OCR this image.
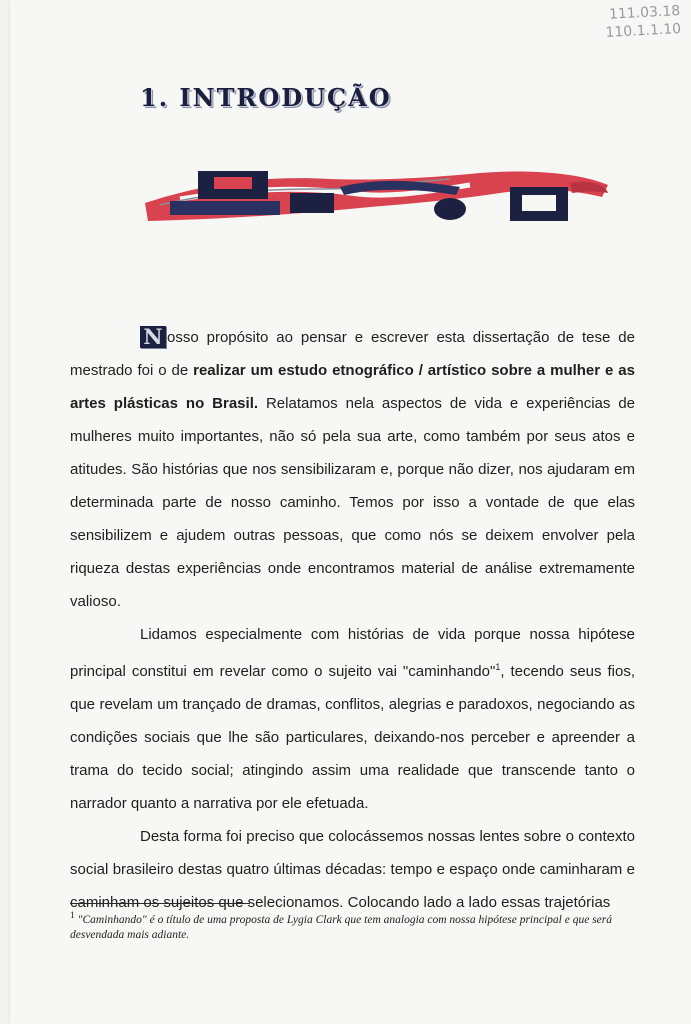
111.03.18
110.1.1.10
1. INTRODUÇÃO

N osso propósito ao pensar e escrever esta dissertação de tese de mestrado foi o de realizar um estudo etnográfico / artístico sobre a mulher e as artes plásticas no Brasil. Relatamos nela aspectos de vida e experiências de mulheres muito importantes, não só pela sua arte, como também por seus atos e atitudes. São histórias que nos sensibilizaram e, porque não dizer, nos ajudaram em determinada parte de nosso caminho. Temos por isso a vontade de que elas sensibilizem e ajudem outras pessoas, que como nós se deixem envolver pela riqueza destas experiências onde encontramos material de análise extremamente valioso.

Lidamos especialmente com histórias de vida porque nossa hipótese principal constitui em revelar como o sujeito vai "caminhando"$^1$, tecendo seus fios, que revelam um trançado de dramas, conflitos, alegrias e paradoxos, negociando as condições sociais que lhe são particulares, deixando-nos perceber e apreender a trama do tecido social; atingindo assim uma realidade que transcende tanto o narrador quanto a narrativa por ele efetuada.

Desta forma foi preciso que colocássemos nossas lentes sobre o contexto social brasileiro destas quatro últimas décadas: tempo e espaço onde caminharam e caminham os sujeitos que selecionamos. Colocando lado a lado essas trajetórias

$^1$ "Caminhando" é o título de uma proposta de Lygia Clark que tem analogia com nossa hipótese principal e que será desvendada mais adiante.
